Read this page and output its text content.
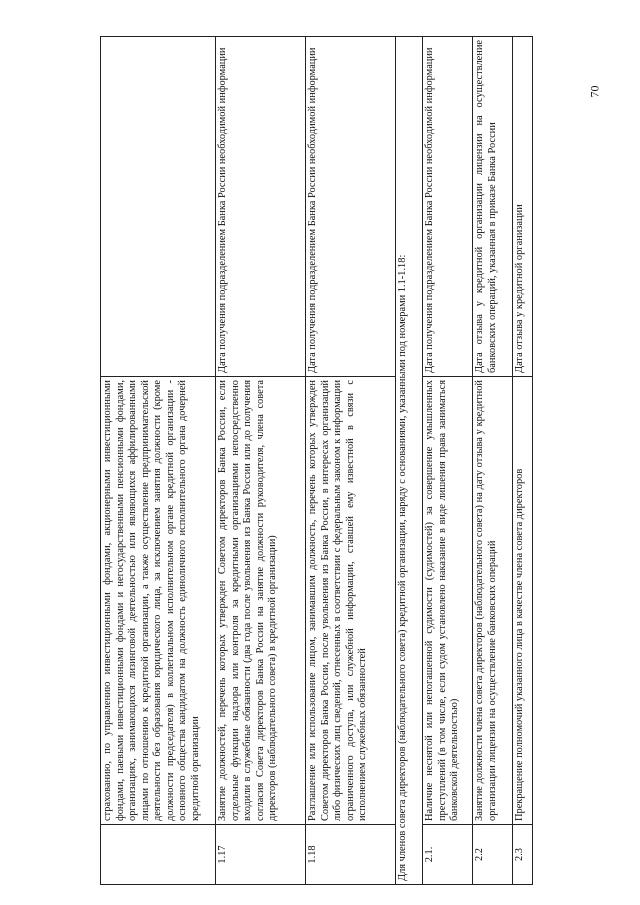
	страхованию, по управлению инвестиционными фондами, акционерными инвестиционными фондами, паевыми инвестиционными фондами и негосударственными пенсионными фондами, организациях, занимающихся лизинговой деятельностью или являющихся аффилированными лицами по отношению к кредитной организации, а также осуществление предпринимательской деятельности без образования юридического лица, за исключением занятия должности (кроме должности председателя) в коллегиальном исполнительном органе кредитной организации - основного общества кандидатом на должность единоличного исполнительного органа дочерней кредитной организации	
1.17	Занятие должностей, перечень которых утвержден Советом директоров Банка России, если отдельные функции надзора или контроля за кредитными организациями непосредственно входили в служебные обязанности (два года после увольнения из Банка России или до получения согласия Совета директоров Банка России на занятие должности руководителя, члена совета директоров (наблюдательного совета) в кредитной организации)	Дата получения подразделением Банка России необходимой информации
1.18	Разглашение или использование лицом, занимавшим должность, перечень которых утвержден Советом директоров Банка России, после увольнения из Банка России, в интересах организаций либо физических лиц сведений, отнесенных в соответствии с федеральным законом к информации ограниченного доступа, или служебной информации, ставшей ему известной в связи с исполнением служебных обязанностей	Дата получения подразделением Банка России необходимой информации
Для членов совета директоров (наблюдательного совета) кредитной организации, наряду с основаниями, указанными под номерами 1.1-1.18:		
2.1.	Наличие неснятой или непогашенной судимости (судимостей) за совершение умышленных преступлений (в том числе, если судом установлено наказание в виде лишения права заниматься банковской деятельностью)	Дата получения подразделением Банка России необходимой информации
2.2	Занятие должности члена совета директоров (наблюдательного совета) на дату отзыва у кредитной организации лицензии на осуществление банковских операций	Дата отзыва у кредитной организации лицензии на осуществление банковских операций, указанная в приказе Банка России
2.3	Прекращение полномочий указанного лица в качестве члена совета директоров	Дата отзыва у кредитной организации
70
